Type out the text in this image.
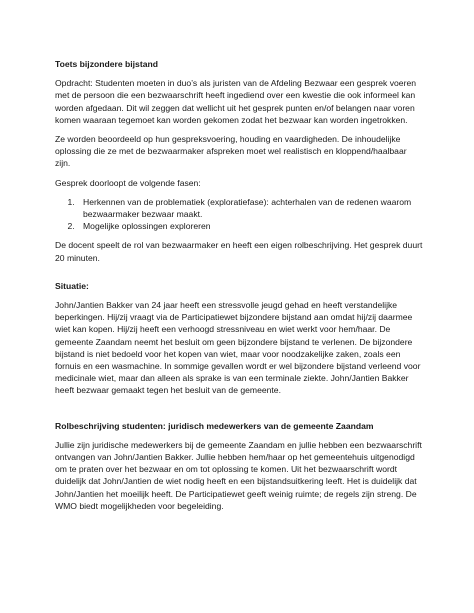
Toets bijzondere bijstand

Opdracht: Studenten moeten in duo’s als juristen van de Afdeling Bezwaar een gesprek voeren met de persoon die een bezwaarschrift heeft ingediend over een kwestie die ook informeel kan worden afgedaan. Dit wil zeggen dat wellicht uit het gesprek punten en/of belangen naar voren komen waaraan tegemoet kan worden gekomen zodat het bezwaar kan worden ingetrokken.

Ze worden beoordeeld op hun gespreksvoering, houding en vaardigheden. De inhoudelijke oplossing die ze met de bezwaarmaker afspreken moet wel realistisch en kloppend/haalbaar zijn.

Gesprek doorloopt de volgende fasen:

1. Herkennen van de problematiek (exploratiefase): achterhalen van de redenen waarom bezwaarmaker bezwaar maakt.
2. Mogelijke oplossingen exploreren

De docent speelt de rol van bezwaarmaker en heeft een eigen rolbeschrijving. Het gesprek duurt 20 minuten.

Situatie:

John/Jantien Bakker van 24 jaar heeft een stressvolle jeugd gehad en heeft verstandelijke beperkingen. Hij/zij vraagt via de Participatiewet bijzondere bijstand aan omdat hij/zij daarmee wiet kan kopen. Hij/zij heeft een verhoogd stressniveau en wiet werkt voor hem/haar. De gemeente Zaandam neemt het besluit om geen bijzondere bijstand te verlenen. De bijzondere bijstand is niet bedoeld voor het kopen van wiet, maar voor noodzakelijke zaken, zoals een fornuis en een wasmachine. In sommige gevallen wordt er wel bijzondere bijstand verleend voor medicinale wiet, maar dan alleen als sprake is van een terminale ziekte. John/Jantien Bakker heeft bezwaar gemaakt tegen het besluit van de gemeente.

Rolbeschrijving studenten: juridisch medewerkers van de gemeente Zaandam

Jullie zijn juridische medewerkers bij de gemeente Zaandam en jullie hebben een bezwaarschrift ontvangen van John/Jantien Bakker. Jullie hebben hem/haar op het gemeentehuis uitgenodigd om te praten over het bezwaar en om tot oplossing te komen. Uit het bezwaarschrift wordt duidelijk dat John/Jantien de wiet nodig heeft en een bijstandsuitkering leeft. Het is duidelijk dat John/Jantien het moeilijk heeft. De Participatiewet geeft weinig ruimte; de regels zijn streng. De WMO biedt mogelijkheden voor begeleiding.
